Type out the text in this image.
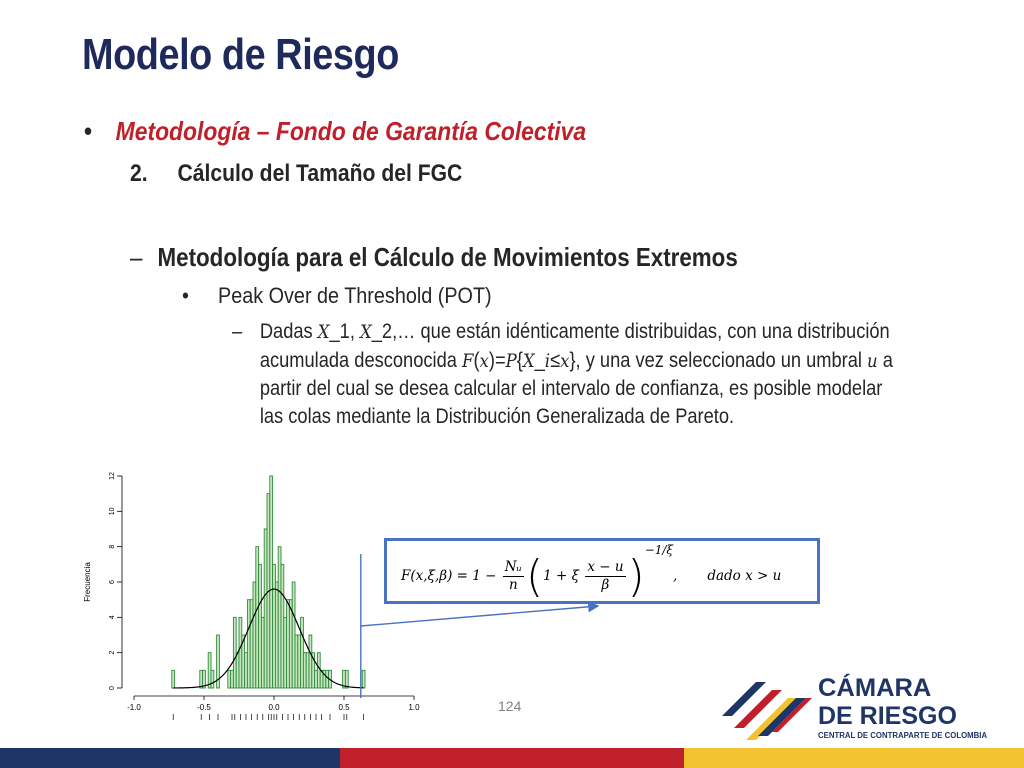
Modelo de Riesgo
• Metodología – Fondo de Garantía Colectiva
2. Cálculo del Tamaño del FGC
– Metodología para el Cálculo de Movimientos Extremos
• Peak Over de Threshold (POT)
– Dadas X_1, X_2,… que están idénticamente distribuidas, con una distribución acumulada desconocida F(x)=P{X_i≤x}, y una vez seleccionado un umbral u a partir del cual se desea calcular el intervalo de confianza, es posible modelar las colas mediante la Distribución Generalizada de Pareto.
0
2
4
6
8
10
12
Frecuencia
-1.0	-0.5	0.0	0.5	1.0
$F(x,\xi,\beta) = 1 - \frac{\text{Nᵤ}}{n} (1 + \xi \frac{x - u}{\beta} )-1/\xi$, dado x > u
124
CÁMARA
DE RIESGO
CENTRAL DE CONTRAPARTE DE COLOMBIA
